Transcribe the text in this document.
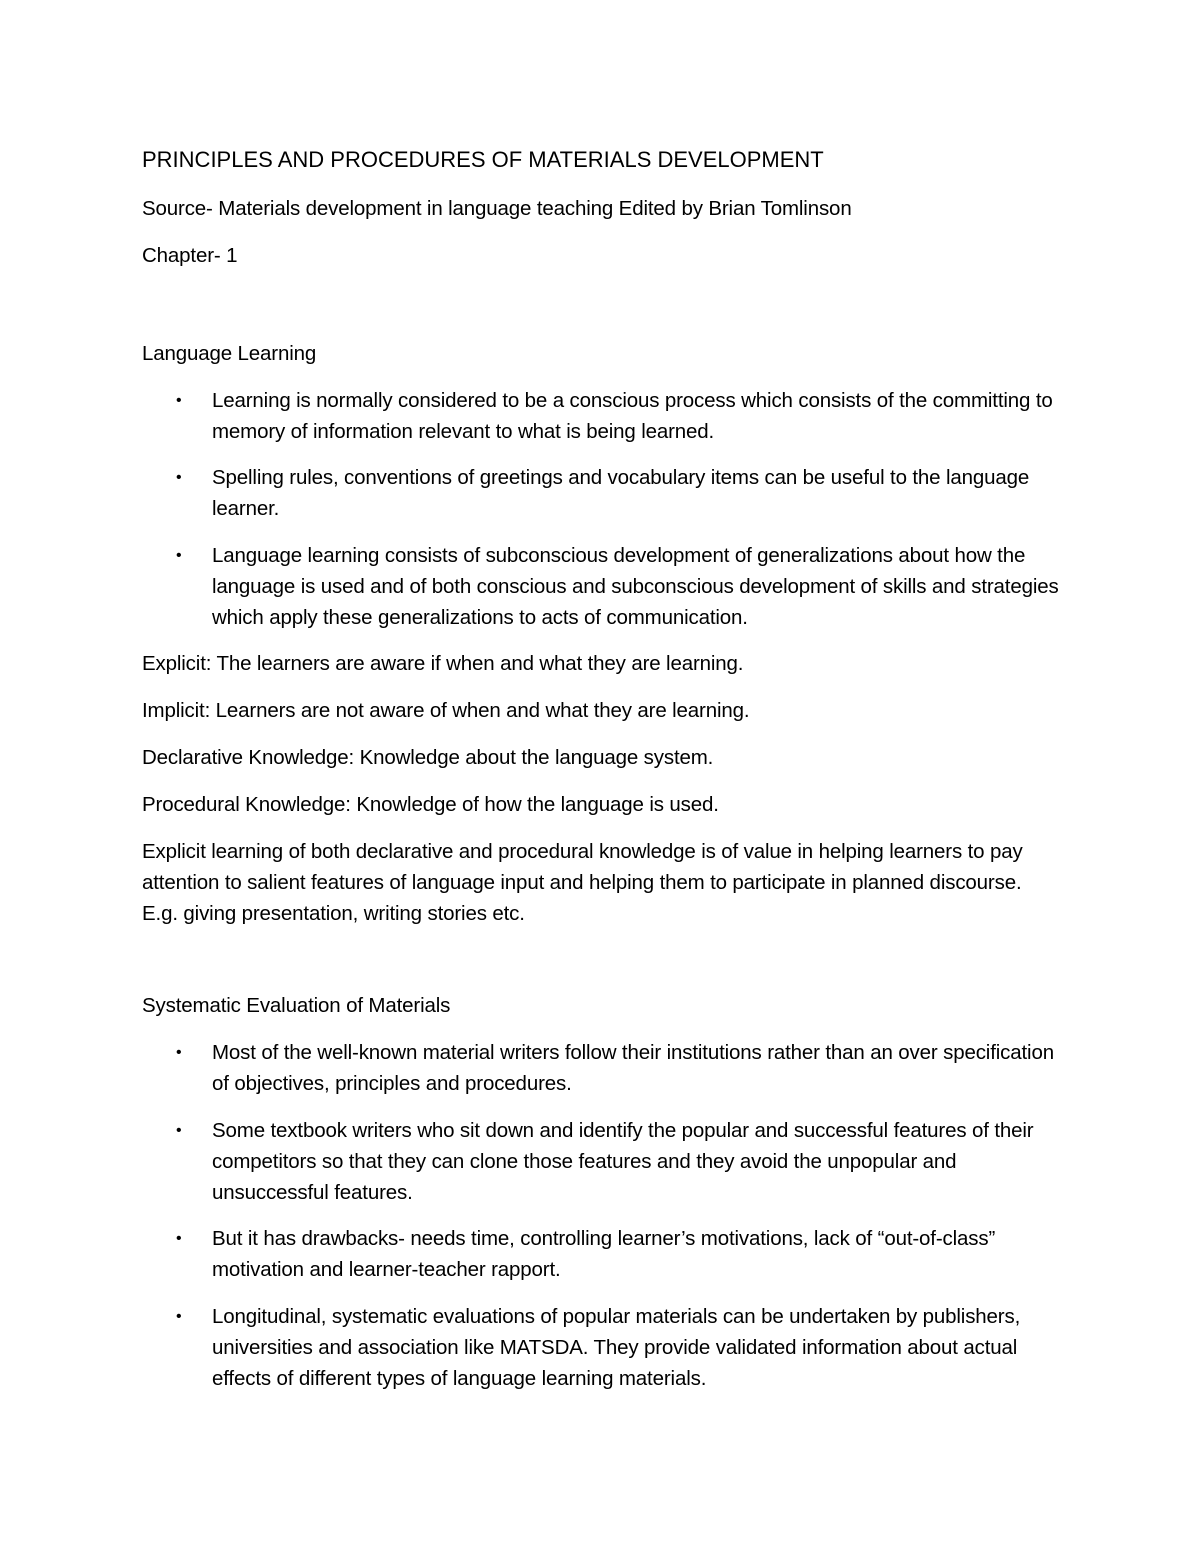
PRINCIPLES AND PROCEDURES OF MATERIALS DEVELOPMENT
Source- Materials development in language teaching Edited by Brian Tomlinson
Chapter- 1
Language Learning
•	Learning is normally considered to be a conscious process which consists of the committing to memory of information relevant to what is being learned.
•	Spelling rules, conventions of greetings and vocabulary items can be useful to the language learner.
•	Language learning consists of subconscious development of generalizations about how the language is used and of both conscious and subconscious development of skills and strategies which apply these generalizations to acts of communication.
Explicit: The learners are aware if when and what they are learning.
Implicit: Learners are not aware of when and what they are learning.
Declarative Knowledge: Knowledge about the language system.
Procedural Knowledge: Knowledge of how the language is used.
Explicit learning of both declarative and procedural knowledge is of value in helping learners to pay attention to salient features of language input and helping them to participate in planned discourse. E.g. giving presentation, writing stories etc.
Systematic Evaluation of Materials
•	Most of the well-known material writers follow their institutions rather than an over specification of objectives, principles and procedures.
•	Some textbook writers who sit down and identify the popular and successful features of their competitors so that they can clone those features and they avoid the unpopular and unsuccessful features.
•	But it has drawbacks- needs time, controlling learner’s motivations, lack of “out-of-class” motivation and learner-teacher rapport.
•	Longitudinal, systematic evaluations of popular materials can be undertaken by publishers, universities and association like MATSDA. They provide validated information about actual effects of different types of language learning materials.
